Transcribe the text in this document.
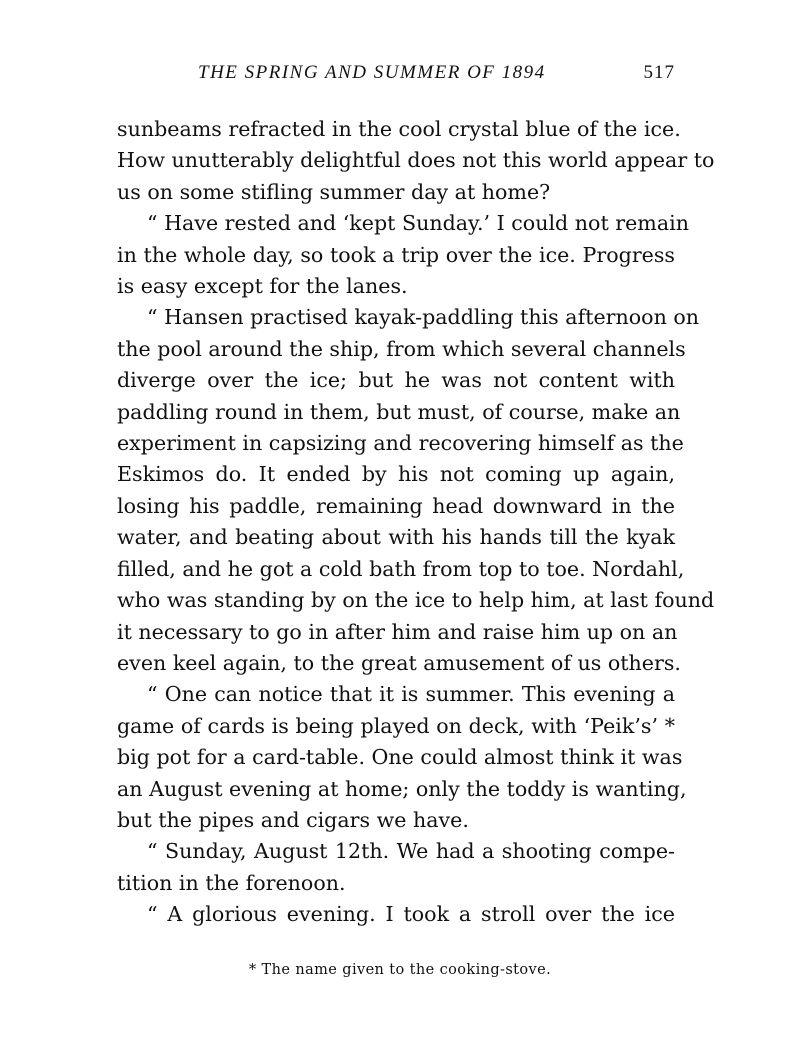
THE SPRING AND SUMMER OF 1894	517
sunbeams refracted in the cool crystal blue of the ice.
How unutterably delightful does not this world appear to
us on some stifling summer day at home?
“ Have rested and ‘kept Sunday.’ I could not remain
in the whole day, so took a trip over the ice. Progress
is easy except for the lanes.
“ Hansen practised kayak-paddling this afternoon on
the pool around the ship, from which several channels
diverge over the ice; but he was not content with
paddling round in them, but must, of course, make an
experiment in capsizing and recovering himself as the
Eskimos do. It ended by his not coming up again,
losing his paddle, remaining head downward in the
water, and beating about with his hands till the kyak
filled, and he got a cold bath from top to toe. Nordahl,
who was standing by on the ice to help him, at last found
it necessary to go in after him and raise him up on an
even keel again, to the great amusement of us others.
“ One can notice that it is summer. This evening a
game of cards is being played on deck, with ‘Peik’s’ *
big pot for a card-table. One could almost think it was
an August evening at home; only the toddy is wanting,
but the pipes and cigars we have.
“ Sunday, August 12th. We had a shooting compe-
tition in the forenoon.
“ A glorious evening. I took a stroll over the ice
* The name given to the cooking-stove.
